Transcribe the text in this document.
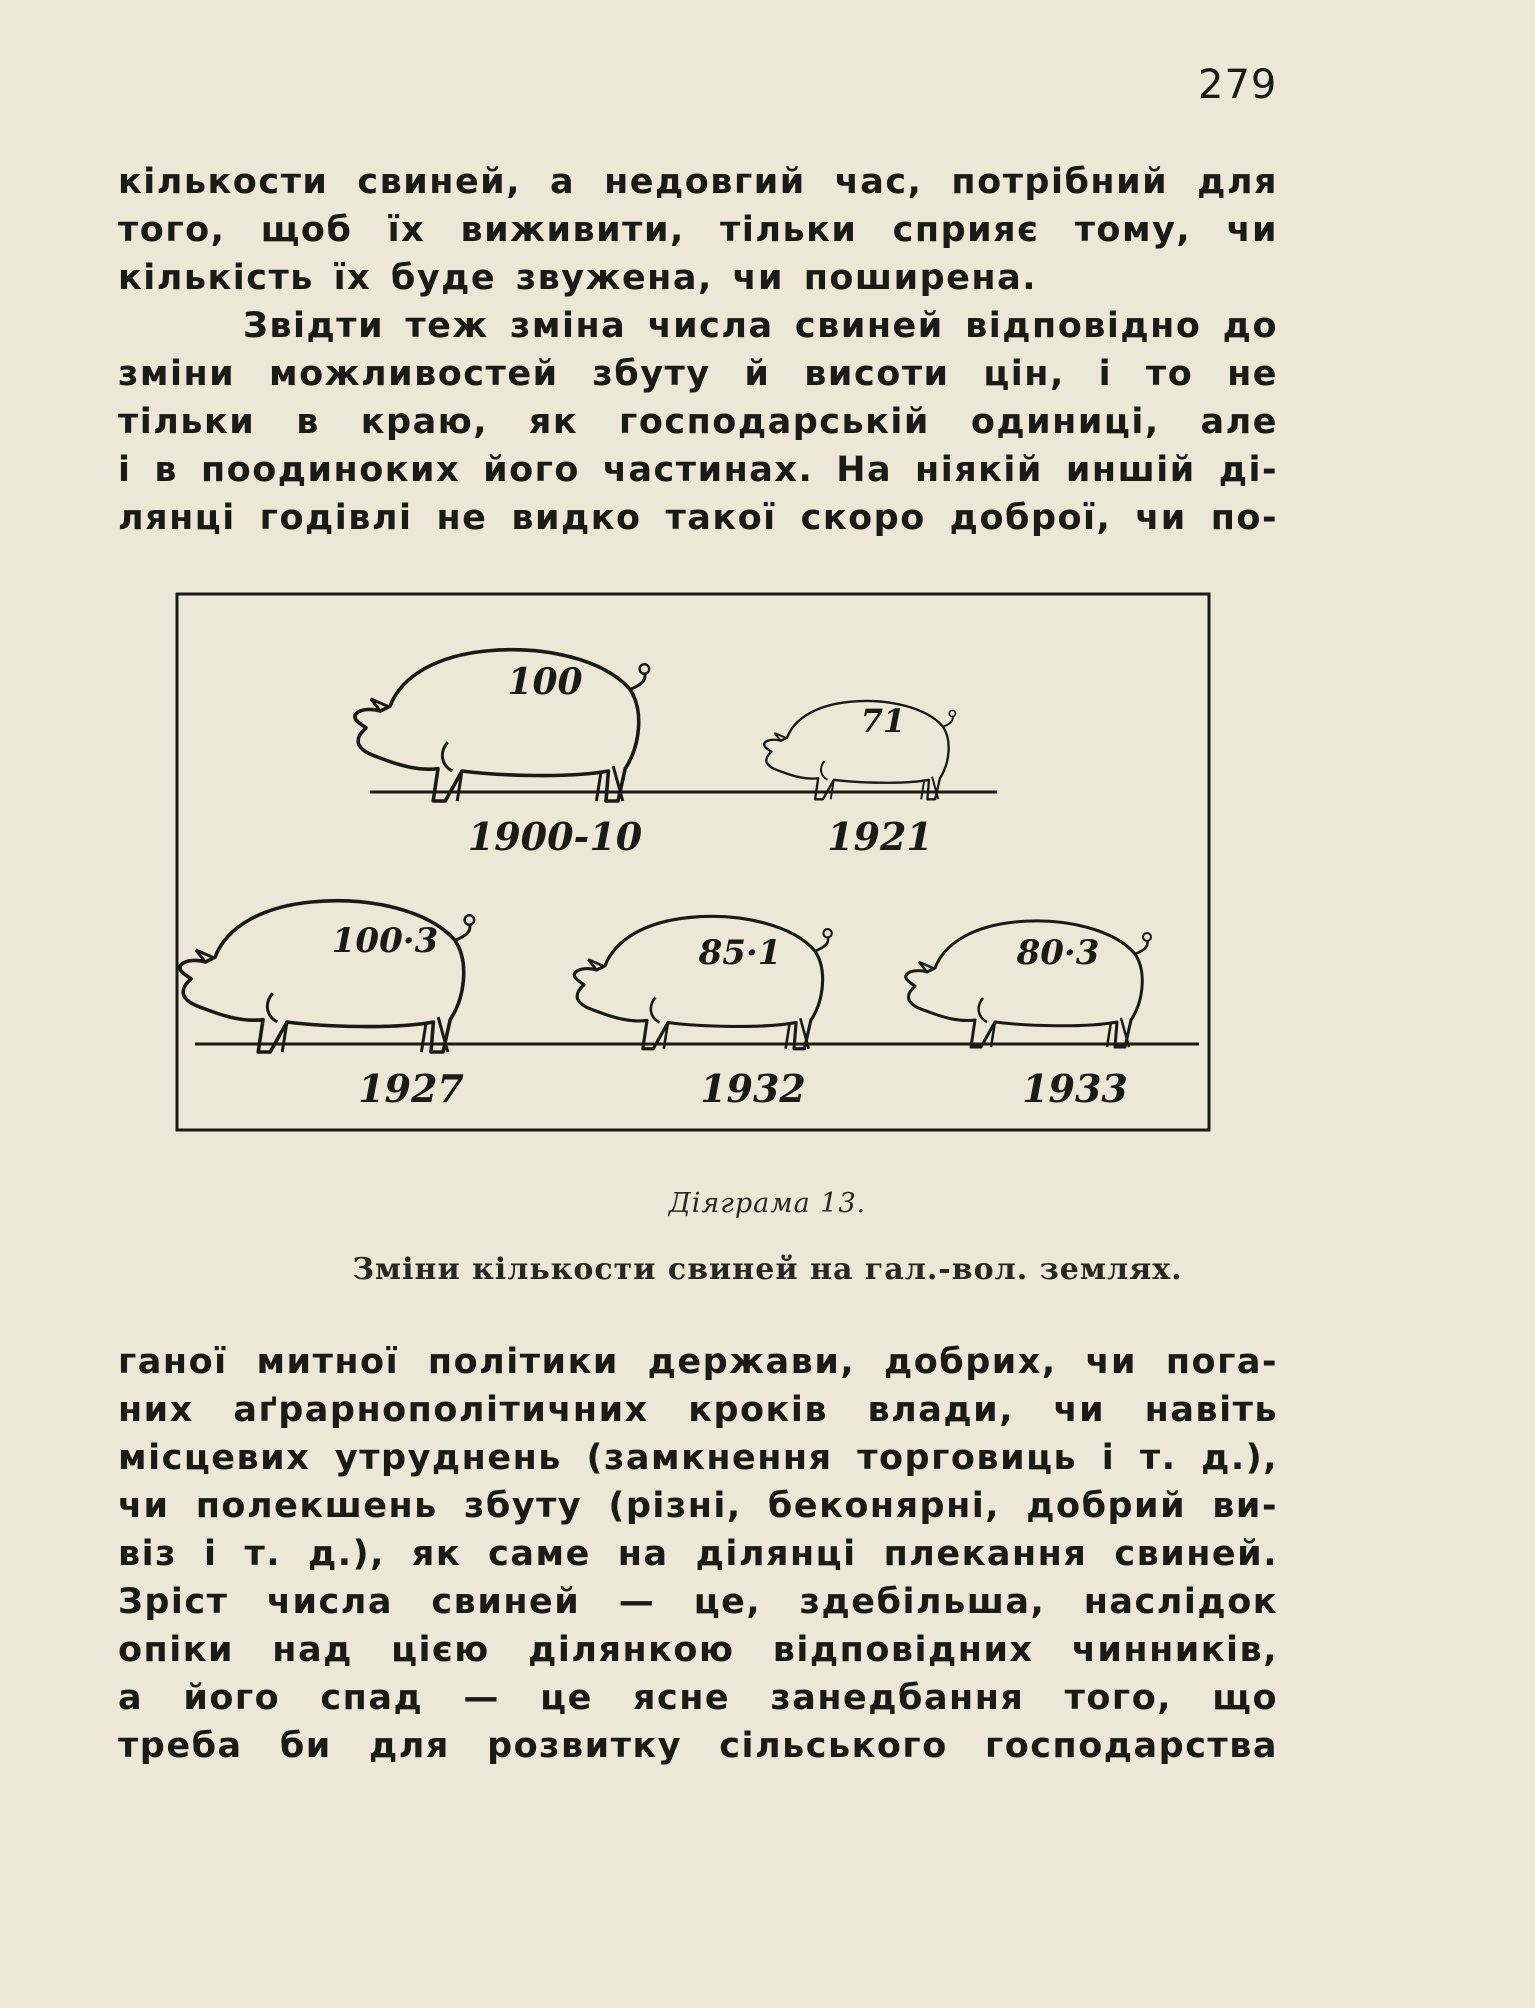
279
кількости свиней, а недовгий час, потрібний для
того, щоб їх виживити, тільки сприяє тому, чи
кількість їх буде звужена, чи поширена.
Звідти теж зміна числа свиней відповідно до
зміни можливостей збуту й висоти цін, і то не
тільки в краю, як господарській одиниці, але
і в поодиноких його частинах. На ніякій иншій ді-
лянці годівлі не видко такої скоро доброї, чи по-
100
71
100·3	85·1	80·3
1900-10	1921
1927	1932	1933
Діяграма 13.
Зміни кількости свиней на гал.-вол. землях.
ганої митної політики держави, добрих, чи пога-
них аґрарнополітичних кроків влади, чи навіть
місцевих утруднень (замкнення торговиць і т. д.),
чи полекшень збуту (різні, беконярні, добрий ви-
віз і т. д.), як саме на ділянці плекання свиней.
Зріст числа свиней — це, здебільша, наслідок
опіки над цією ділянкою відповідних чинників,
а його спад — це ясне занедбання того, що
треба би для розвитку сільського господарства
